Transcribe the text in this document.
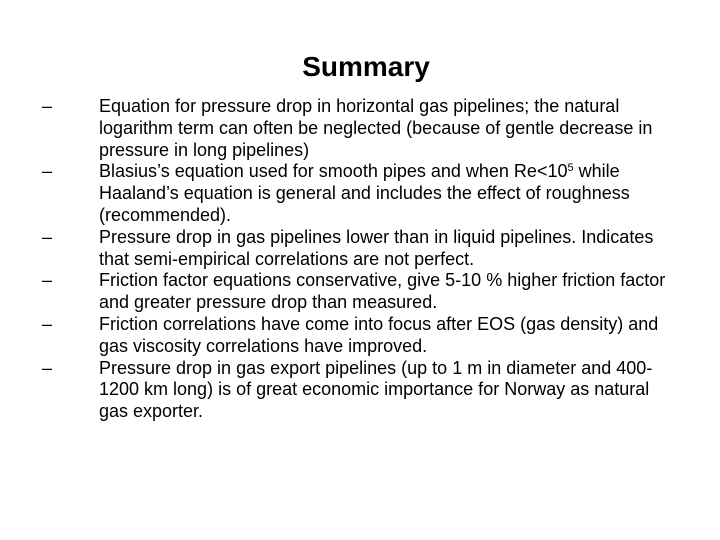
Summary
–	Equation for pressure drop in horizontal gas pipelines; the natural logarithm term can often be neglected (because of gentle decrease in pressure in long pipelines)
–	Blasius’s equation used for smooth pipes and when $Re<10^5$ while Haaland’s equation is general and includes the effect of roughness (recommended).
–	Pressure drop in gas pipelines lower than in liquid pipelines. Indicates that semi-empirical correlations are not perfect.
–	Friction factor equations conservative, give 5-10 % higher friction factor and greater pressure drop than measured.
–	Friction correlations have come into focus after EOS (gas density) and gas viscosity correlations have improved.
–	Pressure drop in gas export pipelines (up to 1 m in diameter and 400-1200 km long) is of great economic importance for Norway as natural gas exporter.
